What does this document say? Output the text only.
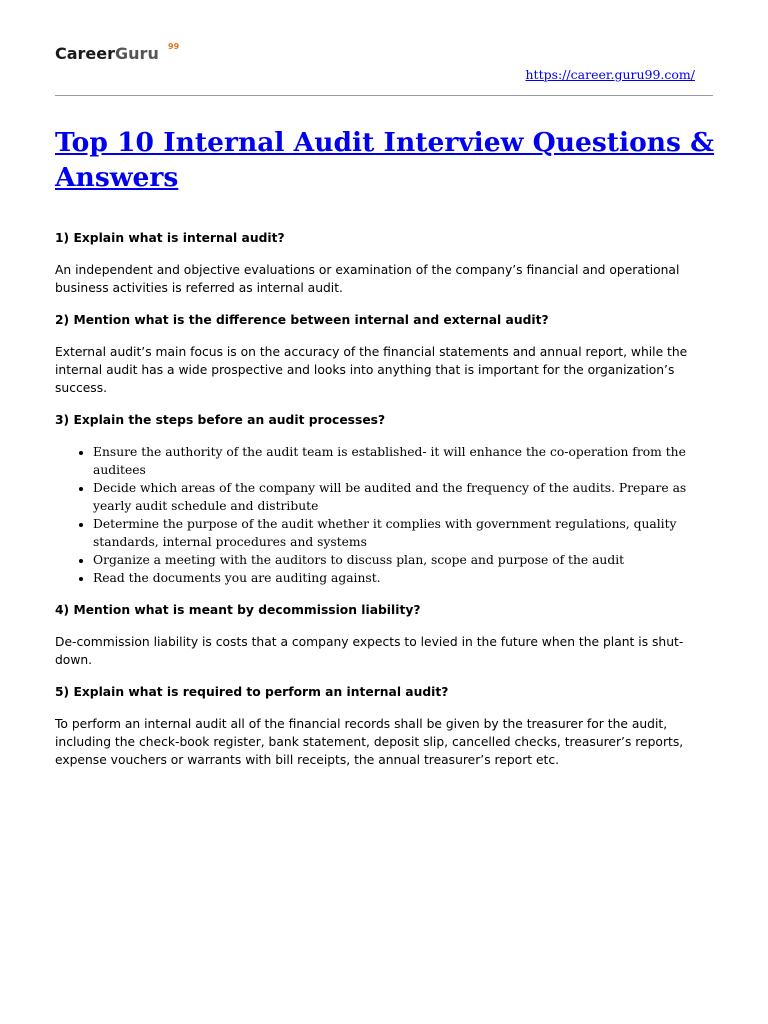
CareerGuru 99
https://career.guru99.com/
Top 10 Internal Audit Interview Questions & Answers

1) Explain what is internal audit?

An independent and objective evaluations or examination of the company’s financial and operational business activities is referred as internal audit.

2) Mention what is the difference between internal and external audit?

External audit’s main focus is on the accuracy of the financial statements and annual report, while the internal audit has a wide prospective and looks into anything that is important for the organization’s success.

3) Explain the steps before an audit processes?

• Ensure the authority of the audit team is established- it will enhance the co-operation from the auditees
• Decide which areas of the company will be audited and the frequency of the audits. Prepare as yearly audit schedule and distribute
• Determine the purpose of the audit whether it complies with government regulations, quality standards, internal procedures and systems
• Organize a meeting with the auditors to discuss plan, scope and purpose of the audit
• Read the documents you are auditing against.

4) Mention what is meant by decommission liability?

De-commission liability is costs that a company expects to levied in the future when the plant is shut-down.

5) Explain what is required to perform an internal audit?

To perform an internal audit all of the financial records shall be given by the treasurer for the audit, including the check-book register, bank statement, deposit slip, cancelled checks, treasurer’s reports, expense vouchers or warrants with bill receipts, the annual treasurer’s report etc.
